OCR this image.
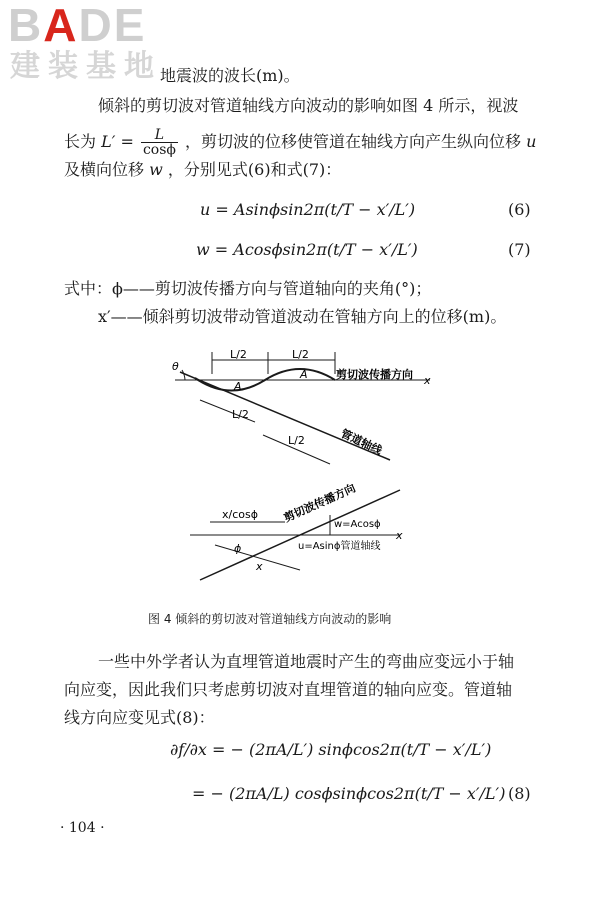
BADE
建装基地
地震波的波长(m)。
倾斜的剪切波对管道轴线方向波动的影响如图 4 所示，视波
长为 $L' = \frac{L}{\cos\phi}$ ，剪切波的位移使管道在轴线方向产生纵向位移 u
及横向位移 w ，分别见式(6)和式(7)：
u = Asinϕsin2π(t/T − x′/L′)	(6)
w = Acosϕsin2π(t/T − x′/L′)	(7)
式中：ϕ——剪切波传播方向与管道轴向的夹角(°)；
x′——倾斜剪切波带动管道波动在管轴方向上的位移(m)。
L/2	L/2
剪切波传播方向 x
A
A
θ
L/2
L/2	管道轴线
x/cosϕ 剪切波传播方向
w=Acosϕ
x
u=Asinϕ管道轴线
ϕ
x
图 4 倾斜的剪切波对管道轴线方向波动的影响
一些中外学者认为直埋管道地震时产生的弯曲应变远小于轴
向应变，因此我们只考虑剪切波对直埋管道的轴向应变。管道轴
线方向应变见式(8)：
∂f/∂x = − (2πA/L′) sinϕcos2π(t/T − x′/L′)
= − (2πA/L) cosϕsinϕcos2π(t/T − x′/L′) (8)
· 104 ·
